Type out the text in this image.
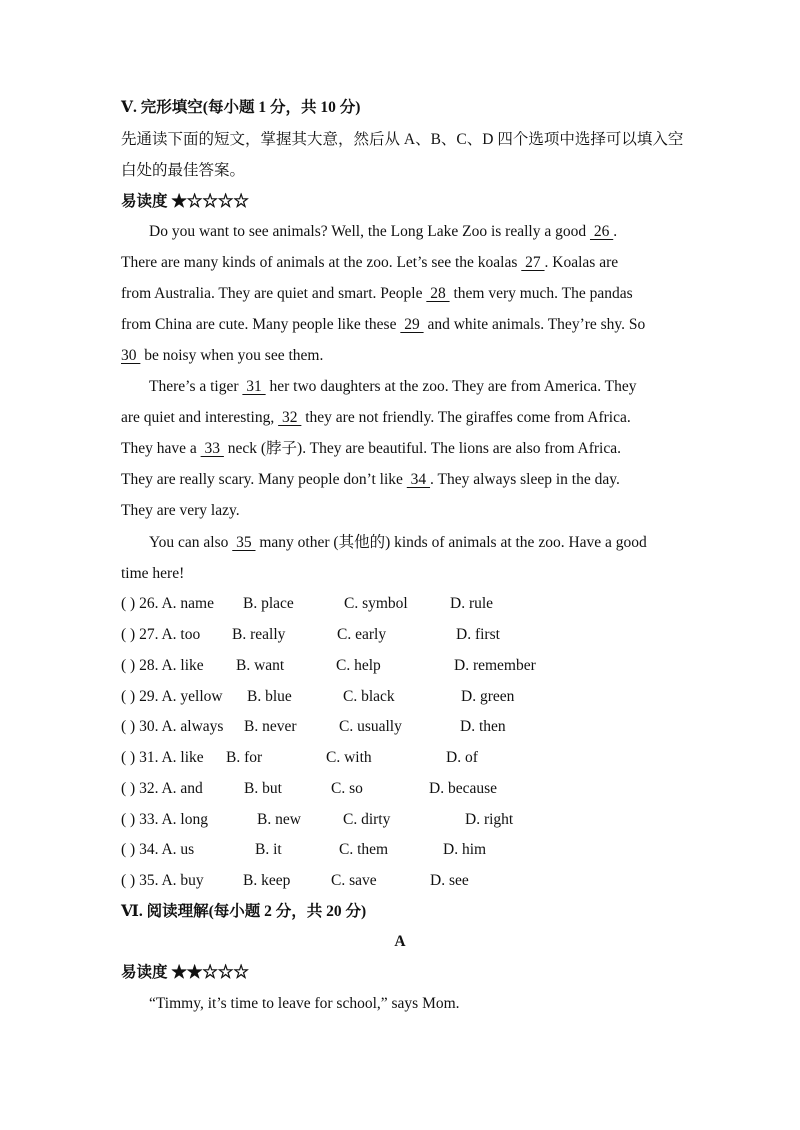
Ⅴ. 完形填空(每小题 1 分，共 10 分)
先通读下面的短文，掌握其大意，然后从 A、B、C、D 四个选项中选择可以填入空
白处的最佳答案。
易读度 ★☆☆☆☆
Do you want to see animals? Well, the Long Lake Zoo is really a good  26 .
There are many kinds of animals at the zoo. Let’s see the koalas  27 . Koalas are
from Australia. They are quiet and smart. People  28  them very much. The pandas
from China are cute. Many people like these  29  and white animals. They’re shy. So
30  be noisy when you see them.
There’s a tiger  31  her two daughters at the zoo. They are from America. They
are quiet and interesting,  32  they are not friendly. The giraffes come from Africa.
They have a  33  neck (脖子). They are beautiful. The lions are also from Africa.
They are really scary. Many people don’t like  34 . They always sleep in the day.
They are very lazy.
You can also  35  many other (其他的) kinds of animals at the zoo. Have a good
time here!
( ) 26. A. name B. place	C. symbol	D. rule
( ) 27. A. too B. really	C. early	D. first
( ) 28. A. like B. want	C. help	D. remember
( ) 29. A. yellow B. blue	C. black	D. green
( ) 30. A. always B. never	C. usually	D. then
( ) 31. A. like B. for	C. with	D. of
( ) 32. A. and	B. but	C. so	D. because
( ) 33. A. long	B. new	C. dirty	D. right
( ) 34. A. us	B. it	C. them	D. him
( ) 35. A. buy	B. keep	C. save	D. see
Ⅵ. 阅读理解(每小题 2 分，共 20 分)
A
易读度 ★★☆☆☆
“Timmy, it’s time to leave for school,” says Mom.
